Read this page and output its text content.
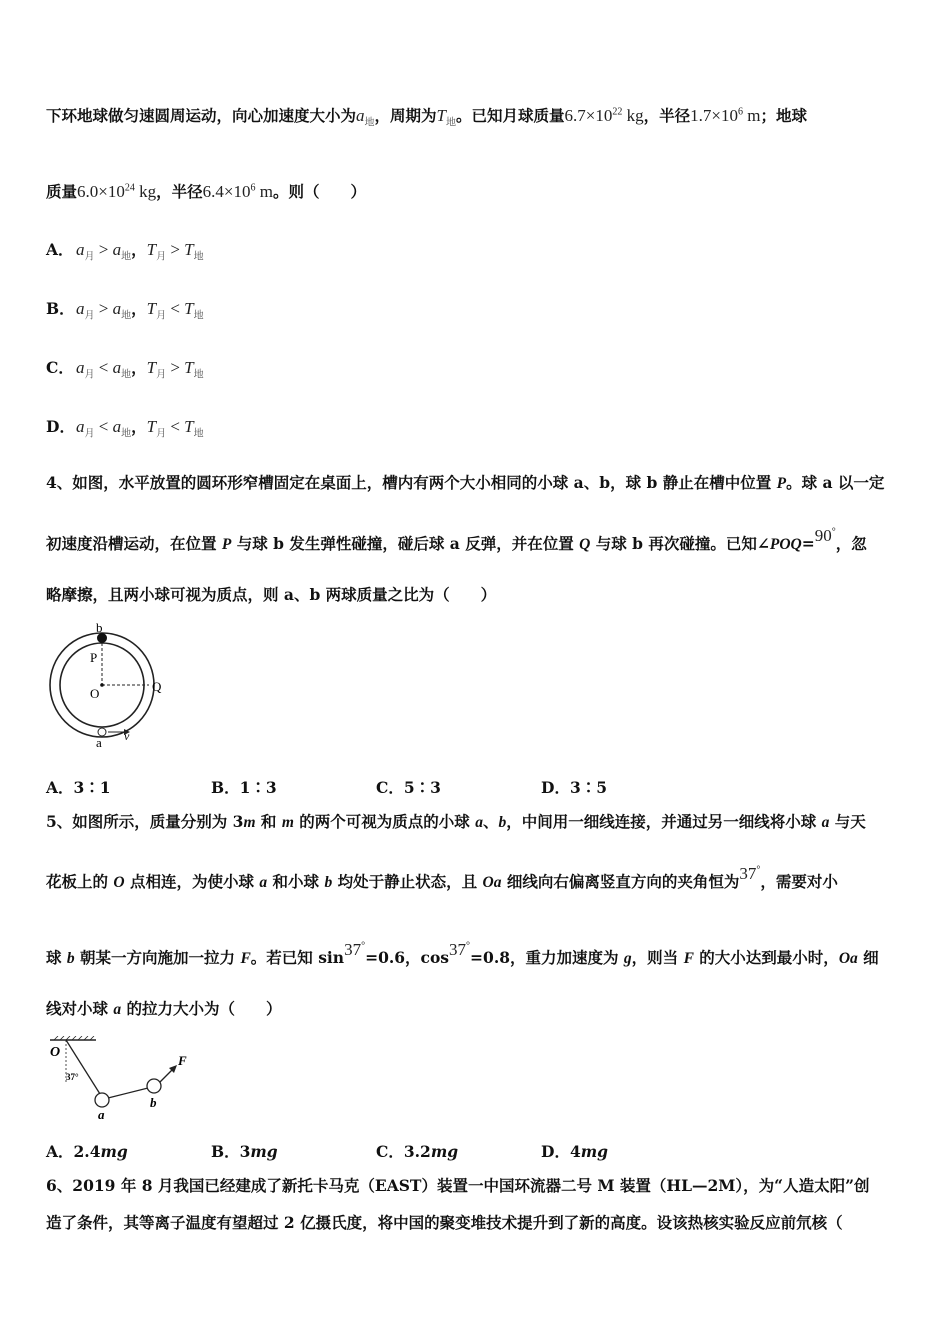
下环地球做匀速圆周运动，向心加速度大小为$a_地$，周期为$T_地$。已知月球质量$6.7\times 10^{22}$ kg，半径$1.7\times 10^6$ m；地球
质量$6.0\times 10^{24}$ kg，半径$6.4\times 10^6$ m。则（　　）
A． $a_月 > a_地$，$T_月 > T_地$
B．$a_月 > a_地$，$T_月 < T_地$
C． $a_月 < a_地$，$T_月 > T_地$
D．$a_月 < a_地$，$T_月 < T_地$
4、如图，水平放置的圆环形窄槽固定在桌面上，槽内有两个大小相同的小球 a、b，球 b 静止在槽中位置 P。球 a 以一定
初速度沿槽运动，在位置 P 与球 b 发生弹性碰撞，碰后球 a 反弹，并在位置 Q 与球 b 再次碰撞。已知∠POQ=90°，忽
略摩擦，且两小球可视为质点，则 a、b 两球质量之比为（　　）
b
P
O	Q
a v
A．3∶1	B．1∶3	C．5∶3	D．3∶5
5、如图所示，质量分别为 3m 和 m 的两个可视为质点的小球 a、b，中间用一细线连接，并通过另一细线将小球 a 与天
花板上的 O 点相连，为使小球 a 和小球 b 均处于静止状态，且 Oa 细线向右偏离竖直方向的夹角恒为37°，需要对小
球 b 朝某一方向施加一拉力 F。若已知 sin37°=0.6，cos37°=0.8，重力加速度为 g，则当 F 的大小达到最小时，Oa 细
线对小球 a 的拉力大小为（　　）
O
37°
a
b
F
A．2.4mg	B．3mg	C．3.2mg	D．4mg
6、2019 年 8 月我国已经建成了新托卡马克（EAST）装置一中国环流器二号 M 装置（HL—2M），为“人造太阳”创
造了条件，其等离子温度有望超过 2 亿摄氏度，将中国的聚变堆技术提升到了新的高度。设该热核实验反应前氘核（
